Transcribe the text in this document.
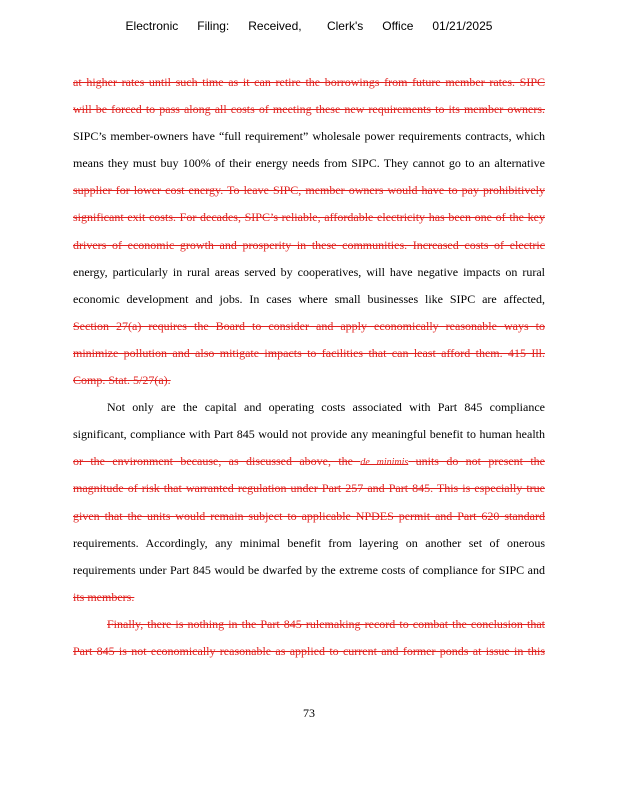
Electronic   Filing:   Received,    Clerk's   Office   01/21/2025
at higher rates until such time as it can retire the borrowings from future member rates. SIPC
will be forced to pass along all costs of meeting these new requirements to its member owners.
SIPC’s member-owners have “full requirement” wholesale power requirements contracts, which
means they must buy 100% of their energy needs from SIPC. They cannot go to an alternative
supplier for lower cost energy. To leave SIPC, member owners would have to pay prohibitively
significant exit costs. For decades, SIPC’s reliable, affordable electricity has been one of the key
drivers of economic growth and prosperity in these communities. Increased costs of electric
energy, particularly in rural areas served by cooperatives, will have negative impacts on rural
economic development and jobs. In cases where small businesses like SIPC are affected,
Section 27(a) requires the Board to consider and apply economically reasonable ways to
minimize pollution and also mitigate impacts to facilities that can least afford them. 415 Ill.
Comp. Stat. 5/27(a).
Not only are the capital and operating costs associated with Part 845 compliance
significant, compliance with Part 845 would not provide any meaningful benefit to human health
or the environment because, as discussed above, the de minimis units do not present the
magnitude of risk that warranted regulation under Part 257 and Part 845. This is especially true
given that the units would remain subject to applicable NPDES permit and Part 620 standard
requirements. Accordingly, any minimal benefit from layering on another set of onerous
requirements under Part 845 would be dwarfed by the extreme costs of compliance for SIPC and
its members.
Finally, there is nothing in the Part 845 rulemaking record to combat the conclusion that
Part 845 is not economically reasonable as applied to current and former ponds at issue in this
73
